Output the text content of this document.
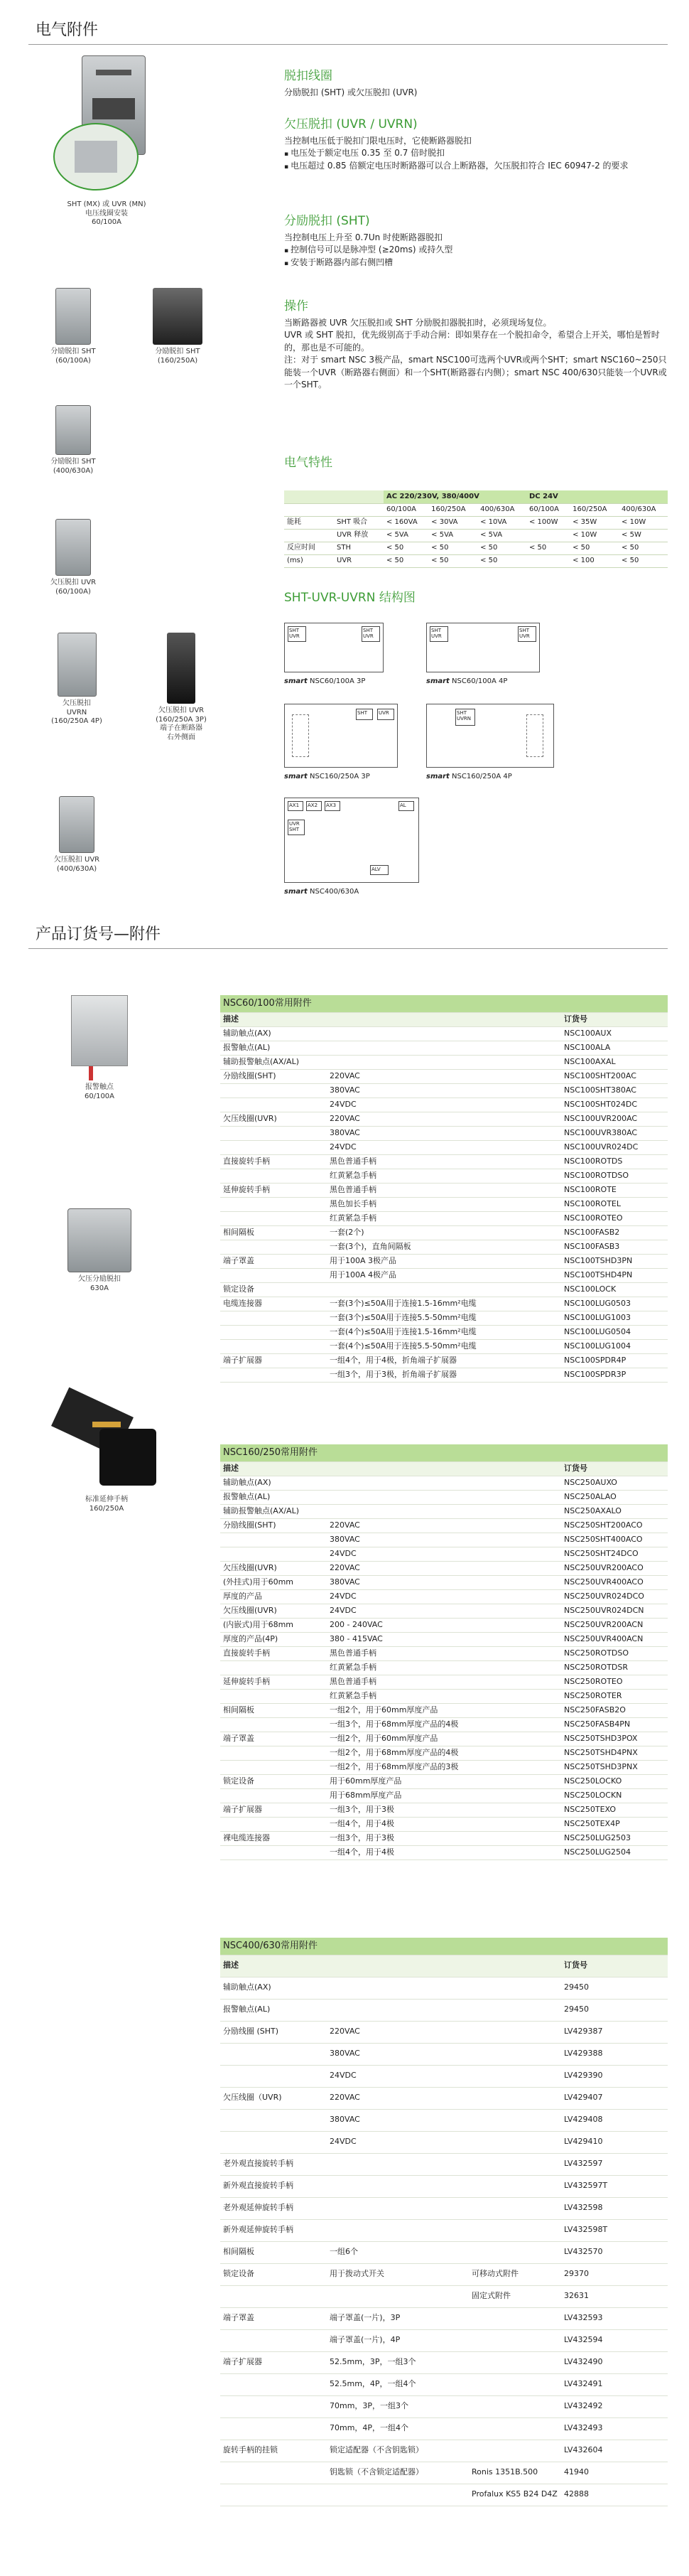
电气附件
SHT (MX) 或 UVR (MN)
电压线圈安装
60/100A
分励脱扣 SHT
(60/100A)
分励脱扣 SHT
(160/250A)
分励脱扣 SHT
(400/630A)
欠压脱扣 UVR
(60/100A)
欠压脱扣
UVRN
(160/250A 4P)
欠压脱扣 UVR
(160/250A 3P)
端子在断路器
右外侧面
欠压脱扣 UVR
(400/630A)
脱扣线圈
分励脱扣 (SHT) 或欠压脱扣 (UVR)
欠压脱扣 (UVR / UVRN)
当控制电压低于脱扣门限电压时，它使断路器脱扣
▪ 电压处于额定电压 0.35 至 0.7 倍时脱扣
▪ 电压超过 0.85 倍额定电压时断路器可以合上断路器，欠压脱扣符合 IEC 60947-2 的要求
分励脱扣 (SHT)
当控制电压上升至 0.7Un 时使断路器脱扣
▪ 控制信号可以是脉冲型 (≥20ms) 或持久型
▪ 安装于断路器内部右侧凹槽
操作
当断路器被 UVR 欠压脱扣或 SHT 分励脱扣器脱扣时，必须现场复位。
UVR 或 SHT 脱扣，优先级别高于手动合闸：即如果存在一个脱扣命令，希望合上开关，哪怕是暂时的，那也是不可能的。
注：对于 smart NSC 3极产品，smart NSC100可选两个UVR或两个SHT；smart NSC160~250只能装一个UVR（断路器右侧面）和一个SHT(断路器右内侧）；smart NSC 400/630只能装一个UVR或一个SHT。
电气特性
		AC 220/230V, 380/400V			DC 24V		
		60/100A	160/250A	400/630A	60/100A	160/250A	400/630A
能耗	SHT 吸合	< 160VA	< 30VA	< 10VA	< 100W	< 35W	< 10W
	UVR 释放	< 5VA	< 5VA	< 5VA		< 10W	< 5W
反应时间	STH	< 50	< 50	< 50	< 50	< 50	< 50
(ms)	UVR	< 50	< 50	< 50		< 100	< 50
SHT-UVR-UVRN 结构图
SHT
UVR
SHT
UVR
smart NSC60/100A 3P
SHT
UVR
SHT
UVR
smart NSC60/100A 4P
SHT	UVR
smart NSC160/250A 3P
SHT
UVRN
smart NSC160/250A 4P
AX1	AX2	AX3	AL
UVR
SHT
ALV
smart NSC400/630A
产品订货号—附件
报警触点
60/100A
欠压分励脱扣
630A
标准延伸手柄
160/250A
NSC60/100常用附件		
描述		订货号
辅助触点(AX)		NSC100AUX
报警触点(AL)		NSC100ALA
辅助报警触点(AX/AL)		NSC100AXAL
分励线圈(SHT)	220VAC	NSC100SHT200AC
	380VAC	NSC100SHT380AC
	24VDC	NSC100SHT024DC
欠压线圈(UVR)	220VAC	NSC100UVR200AC
	380VAC	NSC100UVR380AC
	24VDC	NSC100UVR024DC
直接旋转手柄	黑色普通手柄	NSC100ROTDS
	红黄紧急手柄	NSC100ROTDSO
延伸旋转手柄	黑色普通手柄	NSC100ROTE
	黑色加长手柄	NSC100ROTEL
	红黄紧急手柄	NSC100ROTEO
相间隔板	一套(2个)	NSC100FASB2
	一套(3个)，直角间隔板	NSC100FASB3
端子罩盖	用于100A 3极产品	NSC100TSHD3PN
	用于100A 4极产品	NSC100TSHD4PN
锁定设备		NSC100LOCK
电缆连接器	一套(3个)≤50A用于连接1.5-16mm²电缆	NSC100LUG0503
	一套(3个)≤50A用于连接5.5-50mm²电缆	NSC100LUG1003
	一套(4个)≤50A用于连接1.5-16mm²电缆	NSC100LUG0504
	一套(4个)≤50A用于连接5.5-50mm²电缆	NSC100LUG1004
端子扩展器	一组4个，用于4极，折角端子扩展器	NSC100SPDR4P
	一组3个，用于3极，折角端子扩展器	NSC100SPDR3P
NSC160/250常用附件		
描述		订货号
辅助触点(AX)		NSC250AUXO
报警触点(AL)		NSC250ALAO
辅助报警触点(AX/AL)		NSC250AXALO
分励线圈(SHT)	220VAC	NSC250SHT200ACO
	380VAC	NSC250SHT400ACO
	24VDC	NSC250SHT24DCO
欠压线圈(UVR)	220VAC	NSC250UVR200ACO
(外挂式)用于60mm	380VAC	NSC250UVR400ACO
厚度的产品	24VDC	NSC250UVR024DCO
欠压线圈(UVR)	24VDC	NSC250UVR024DCN
(内嵌式)用于68mm	200 - 240VAC	NSC250UVR200ACN
厚度的产品(4P)	380 - 415VAC	NSC250UVR400ACN
直接旋转手柄	黑色普通手柄	NSC250ROTDSO
	红黄紧急手柄	NSC250ROTDSR
延伸旋转手柄	黑色普通手柄	NSC250ROTEO
	红黄紧急手柄	NSC250ROTER
相间隔板	一组2个，用于60mm厚度产品	NSC250FASB2O
	一组3个，用于68mm厚度产品的4极	NSC250FASB4PN
端子罩盖	一组2个，用于60mm厚度产品	NSC250TSHD3POX
	一组2个，用于68mm厚度产品的4极	NSC250TSHD4PNX
	一组2个，用于68mm厚度产品的3极	NSC250TSHD3PNX
锁定设备	用于60mm厚度产品	NSC250LOCKO
	用于68mm厚度产品	NSC250LOCKN
端子扩展器	一组3个，用于3极	NSC250TEXO
	一组4个，用于4极	NSC250TEX4P
裸电缆连接器	一组3个，用于3极	NSC250LUG2503
	一组4个，用于4极	NSC250LUG2504
NSC400/630常用附件			
描述			订货号
辅助触点(AX)			29450
报警触点(AL)			29450
分励线圈 (SHT)	220VAC		LV429387
	380VAC		LV429388
	24VDC		LV429390
欠压线圈（UVR)	220VAC		LV429407
	380VAC		LV429408
	24VDC		LV429410
老外观直接旋转手柄			LV432597
新外观直接旋转手柄			LV432597T
老外观延伸旋转手柄			LV432598
新外观延伸旋转手柄			LV432598T
相间隔板	一组6个		LV432570
锁定设备	用于拨动式开关	可移动式附件	29370
		固定式附件	32631
端子罩盖	端子罩盖(一片)，3P		LV432593
	端子罩盖(一片)，4P		LV432594
端子扩展器	52.5mm，3P，一组3个		LV432490
	52.5mm，4P，一组4个		LV432491
	70mm，3P，一组3个		LV432492
	70mm，4P，一组4个		LV432493
旋转手柄的挂锁	锁定适配器（不含钥匙锁）		LV432604
	钥匙锁（不含锁定适配器）	Ronis 1351B.500	41940
		Profalux KS5 B24 D4Z	42888
